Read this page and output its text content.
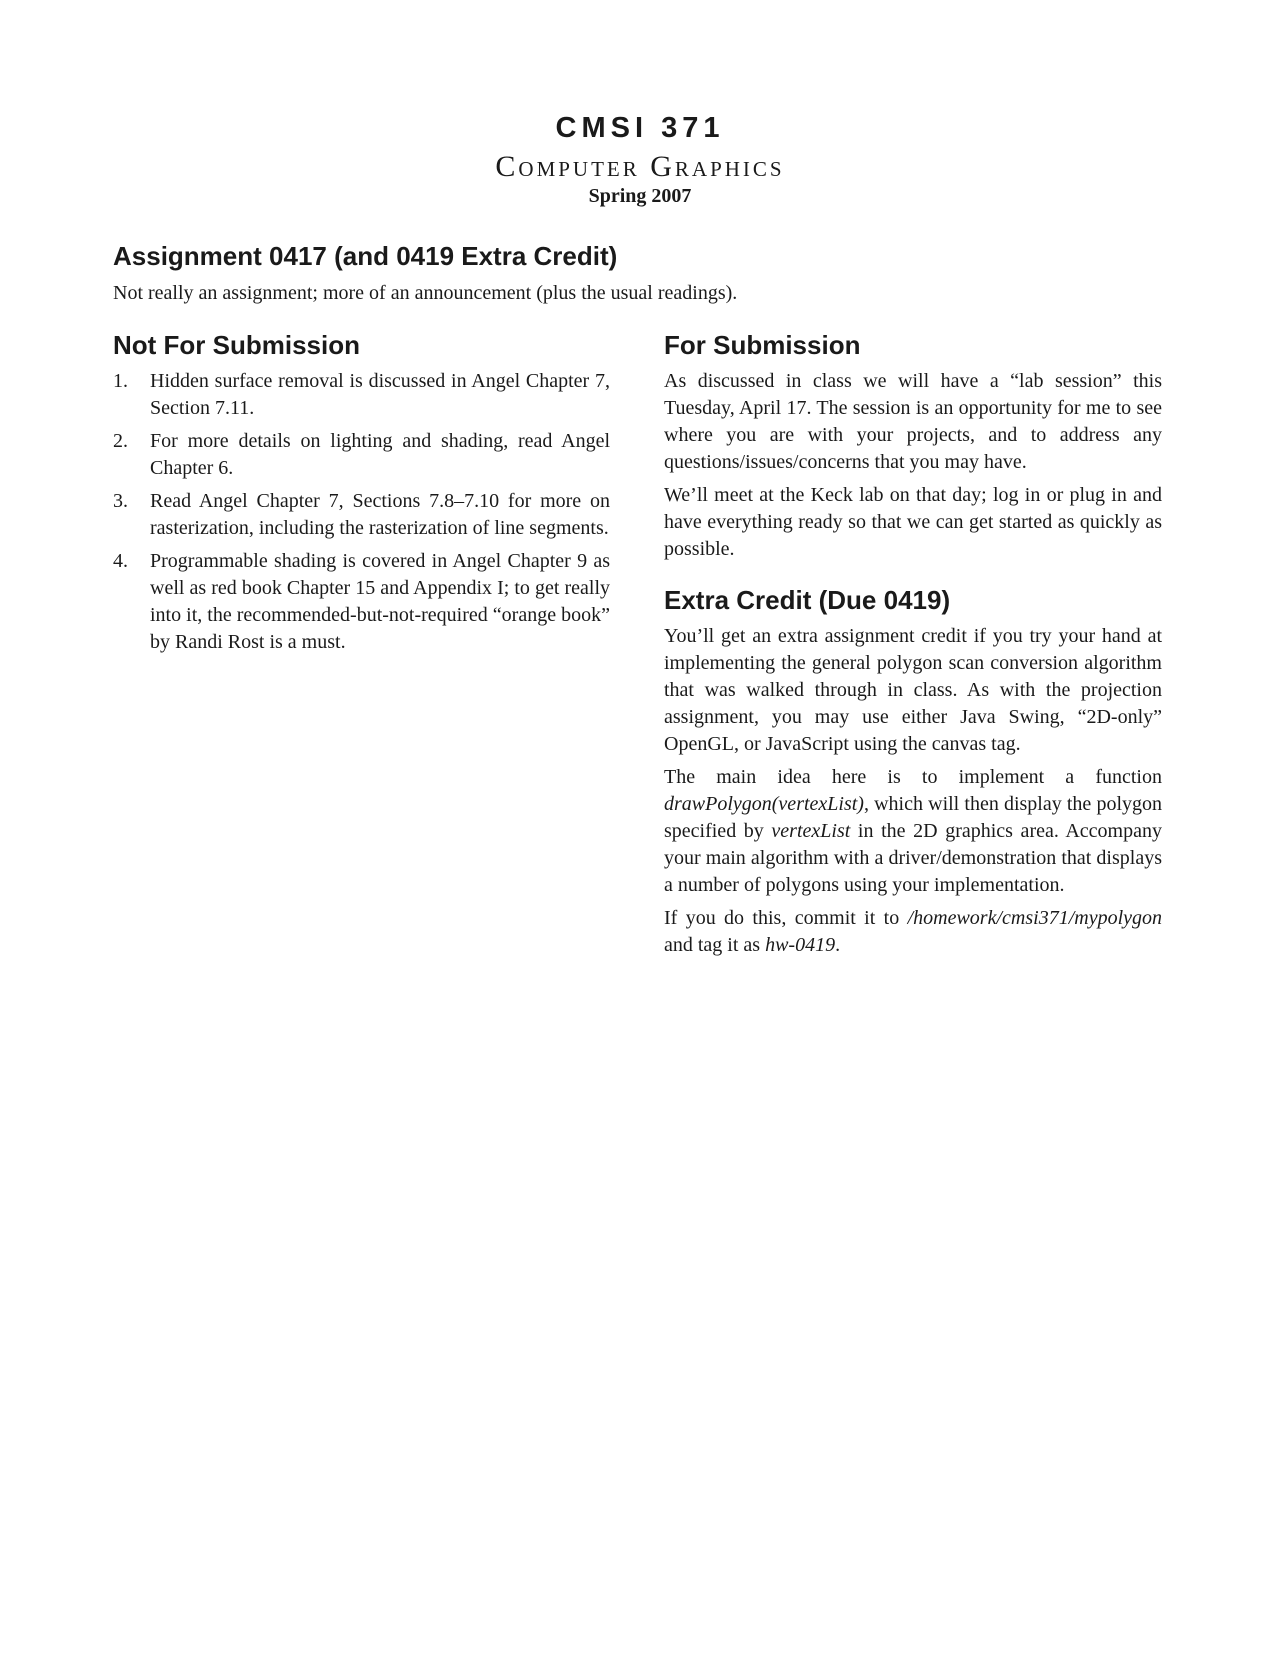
CMSI 371

Computer Graphics

Spring 2007

Assignment 0417 (and 0419 Extra Credit)

Not really an assignment; more of an announcement (plus the usual readings).

Not For Submission
1. Hidden surface removal is discussed in Angel Chapter 7, Section 7.11.
2. For more details on lighting and shading, read Angel Chapter 6.
3. Read Angel Chapter 7, Sections 7.8–7.10 for more on rasterization, including the rasterization of line segments.
4. Programmable shading is covered in Angel Chapter 9 as well as red book Chapter 15 and Appendix I; to get really into it, the recommended-but-not-required “orange book” by Randi Rost is a must.
For Submission

As discussed in class we will have a “lab session” this Tuesday, April 17. The session is an opportunity for me to see where you are with your projects, and to address any questions/issues/concerns that you may have.

We’ll meet at the Keck lab on that day; log in or plug in and have everything ready so that we can get started as quickly as possible.

Extra Credit (Due 0419)

You’ll get an extra assignment credit if you try your hand at implementing the general polygon scan conversion algorithm that was walked through in class. As with the projection assignment, you may use either Java Swing, “2D-only” OpenGL, or JavaScript using the canvas tag.

The main idea here is to implement a function drawPolygon(vertexList), which will then display the polygon specified by vertexList in the 2D graphics area. Accompany your main algorithm with a driver/demonstration that displays a number of polygons using your implementation.

If you do this, commit it to /homework/cmsi371/mypolygon and tag it as hw-0419.
